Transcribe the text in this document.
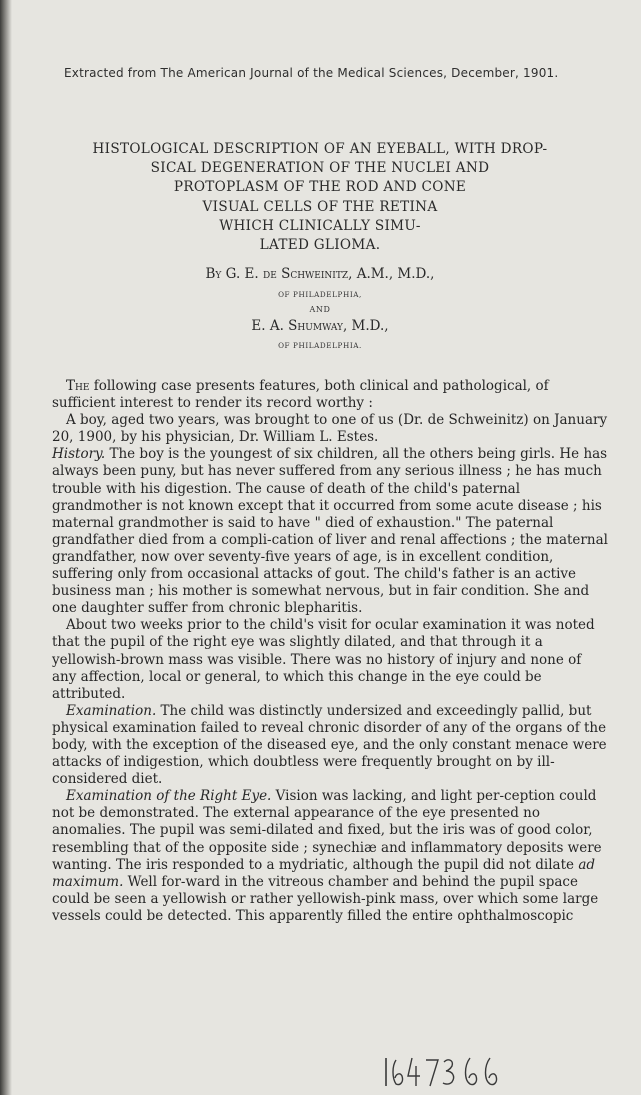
Extracted from The American Journal of the Medical Sciences, December, 1901.
HISTOLOGICAL DESCRIPTION OF AN EYEBALL, WITH DROP-
SICAL DEGENERATION OF THE NUCLEI AND
PROTOPLASM OF THE ROD AND CONE
VISUAL CELLS OF THE RETINA
WHICH CLINICALLY SIMU-
LATED GLIOMA.
By G. E. de Schweinitz, A.M., M.D.,
OF PHILADELPHIA,
AND
E. A. Shumway, M.D.,
OF PHILADELPHIA.

The following case presents features, both clinical and pathological, of sufficient interest to render its record worthy :

A boy, aged two years, was brought to one of us (Dr. de Schweinitz) on January 20, 1900, by his physician, Dr. William L. Estes.
History. The boy is the youngest of six children, all the others being girls. He has always been puny, but has never suffered from any serious illness ; he has much trouble with his digestion. The cause of death of the child's paternal grandmother is not known except that it occurred from some acute disease ; his maternal grandmother is said to have " died of exhaustion." The paternal grandfather died from a compli-cation of liver and renal affections ; the maternal grandfather, now over seventy-five years of age, is in excellent condition, suffering only from occasional attacks of gout. The child's father is an active business man ; his mother is somewhat nervous, but in fair condition. She and one daughter suffer from chronic blepharitis.

About two weeks prior to the child's visit for ocular examination it was noted that the pupil of the right eye was slightly dilated, and that through it a yellowish-brown mass was visible. There was no history of injury and none of any affection, local or general, to which this change in the eye could be attributed.

Examination. The child was distinctly undersized and exceedingly pallid, but physical examination failed to reveal chronic disorder of any of the organs of the body, with the exception of the diseased eye, and the only constant menace were attacks of indigestion, which doubtless were frequently brought on by ill-considered diet.

Examination of the Right Eye. Vision was lacking, and light per-ception could not be demonstrated. The external appearance of the eye presented no anomalies. The pupil was semi-dilated and fixed, but the iris was of good color, resembling that of the opposite side ; synechiæ and inflammatory deposits were wanting. The iris responded to a mydriatic, although the pupil did not dilate ad maximum. Well for-ward in the vitreous chamber and behind the pupil space could be seen a yellowish or rather yellowish-pink mass, over which some large vessels could be detected. This apparently filled the entire ophthalmoscopic
